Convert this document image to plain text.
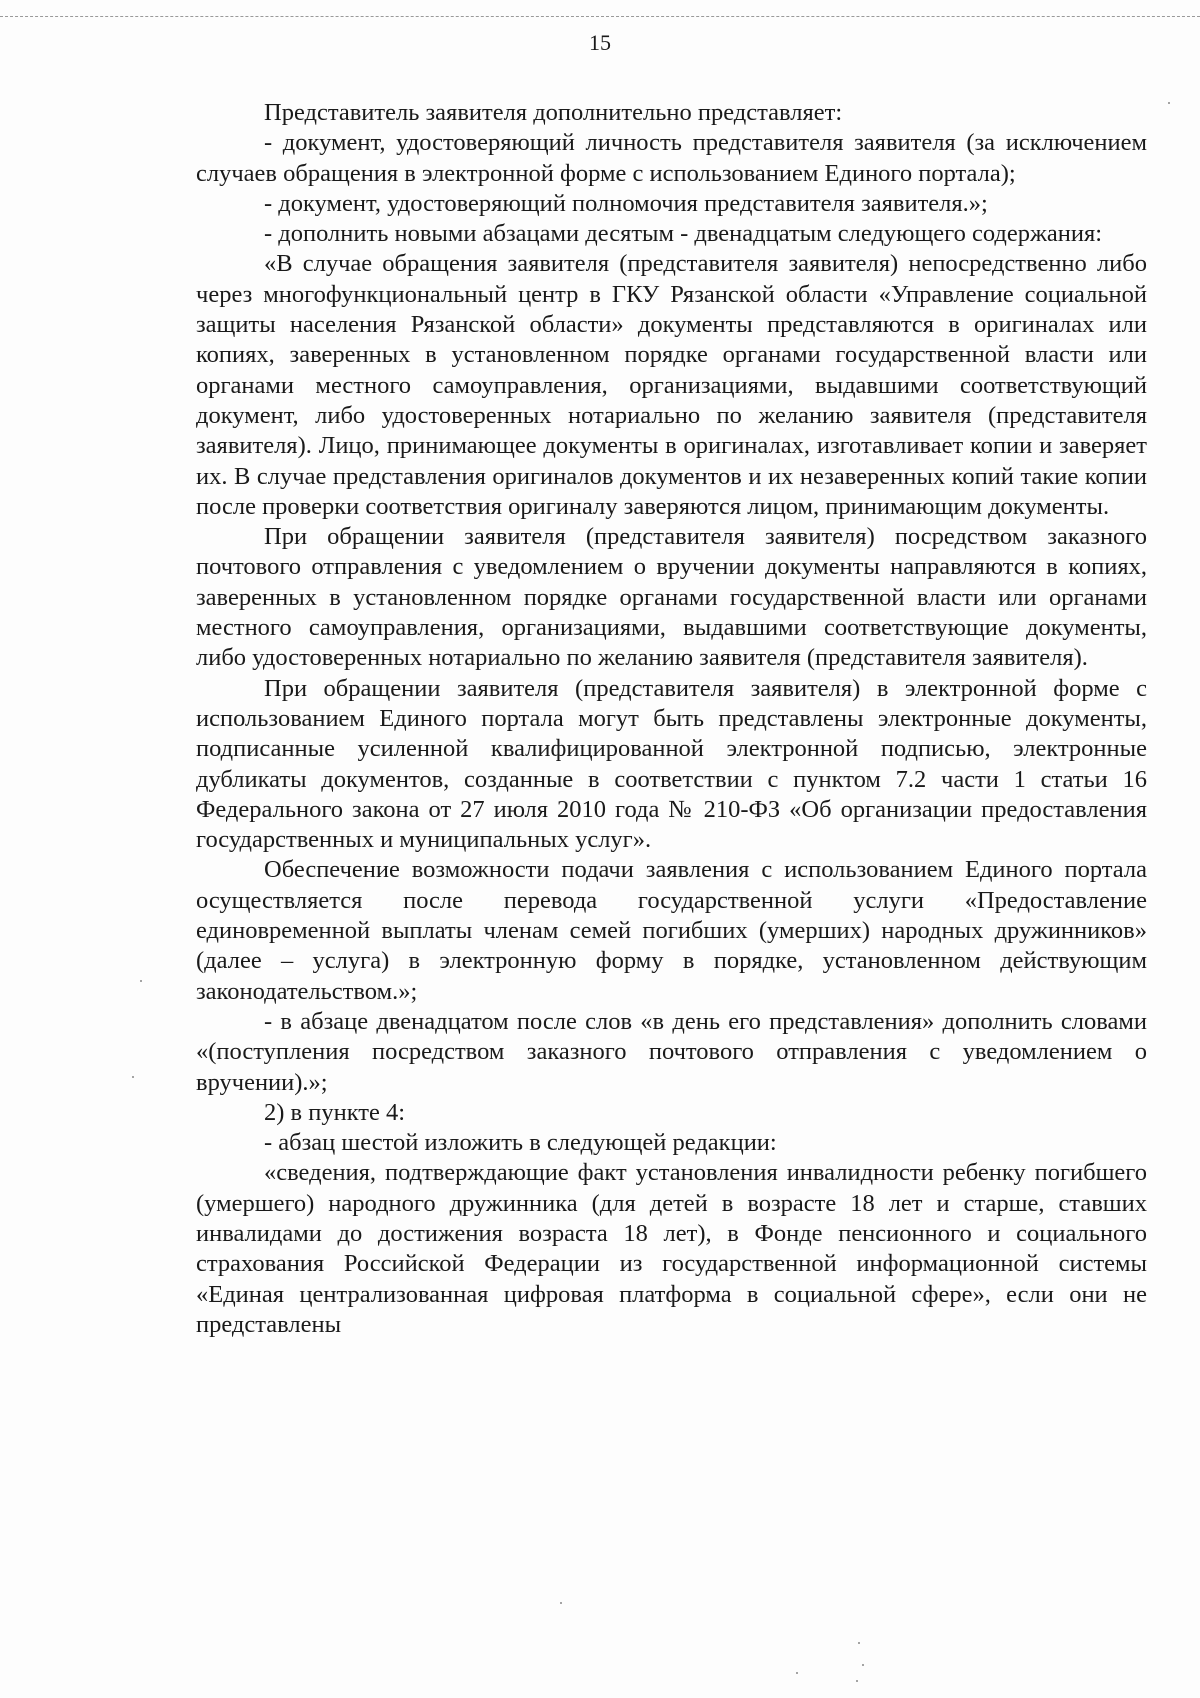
15

Представитель заявителя дополнительно представляет:

- документ, удостоверяющий личность представителя заявителя (за исключением случаев обращения в электронной форме с использованием Единого портала);

- документ, удостоверяющий полномочия представителя заявителя.»;

- дополнить новыми абзацами десятым - двенадцатым следующего содержания:

«В случае обращения заявителя (представителя заявителя) непосредственно либо через многофункциональный центр в ГКУ Рязанской области «Управление социальной защиты населения Рязанской области» документы представляются в оригиналах или копиях, заверенных в установленном порядке органами государственной власти или органами местного самоуправления, организациями, выдавшими соответствующий документ, либо удостоверенных нотариально по желанию заявителя (представителя заявителя). Лицо, принимающее документы в оригиналах, изготавливает копии и заверяет их. В случае представления оригиналов документов и их незаверенных копий такие копии после проверки соответствия оригиналу заверяются лицом, принимающим документы.

При обращении заявителя (представителя заявителя) посредством заказного почтового отправления с уведомлением о вручении документы направляются в копиях, заверенных в установленном порядке органами государственной власти или органами местного самоуправления, организациями, выдавшими соответствующие документы, либо удостоверенных нотариально по желанию заявителя (представителя заявителя).

При обращении заявителя (представителя заявителя) в электронной форме с использованием Единого портала могут быть представлены электронные документы, подписанные усиленной квалифицированной электронной подписью, электронные дубликаты документов, созданные в соответствии с пунктом 7.2 части 1 статьи 16 Федерального закона от 27 июля 2010 года № 210-ФЗ «Об организации предоставления государственных и муниципальных услуг».

Обеспечение возможности подачи заявления с использованием Единого портала осуществляется после перевода государственной услуги «Предоставление единовременной выплаты членам семей погибших (умерших) народных дружинников» (далее – услуга) в электронную форму в порядке, установленном действующим законодательством.»;

- в абзаце двенадцатом после слов «в день его представления» дополнить словами «(поступления посредством заказного почтового отправления с уведомлением о вручении).»;

2) в пункте 4:

- абзац шестой изложить в следующей редакции:

«сведения, подтверждающие факт установления инвалидности ребенку погибшего (умершего) народного дружинника (для детей в возрасте 18 лет и старше, ставших инвалидами до достижения возраста 18 лет), в Фонде пенсионного и социального страхования Российской Федерации из государственной информационной системы «Единая централизованная цифровая платформа в социальной сфере», если они не представлены
